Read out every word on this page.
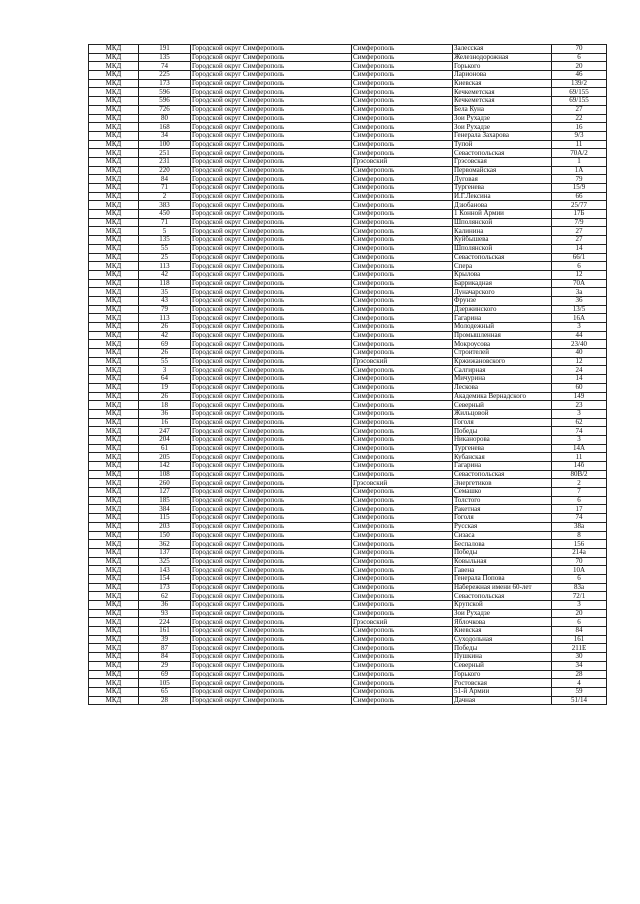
МКД	191	Городской округ Симферополь	Симферополь	Залесская	70
МКД	135	Городской округ Симферополь	Симферополь	Железнодорожная	6
МКД	74	Городской округ Симферополь	Симферополь	Горького	20
МКД	225	Городской округ Симферополь	Симферополь	Ларионова	46
МКД	173	Городской округ Симферополь	Симферополь	Киевская	139/2
МКД	596	Городской округ Симферополь	Симферополь	Кечкеметская	69/155
МКД	596	Городской округ Симферополь	Симферополь	Кечкеметская	69/155
МКД	726	Городской округ Симферополь	Симферополь	Бела Куна	27
МКД	80	Городской округ Симферополь	Симферополь	Зои Рухадзе	22
МКД	168	Городской округ Симферополь	Симферополь	Зои Рухадзе	16
МКД	34	Городской округ Симферополь	Симферополь	Генерала Захарова	9/3
МКД	100	Городской округ Симферополь	Симферополь	Тупой	11
МКД	251	Городской округ Симферополь	Симферополь	Севастопольская	70А/2
МКД	231	Городской округ Симферополь	Грэсовский	Грэсовская	1
МКД	220	Городской округ Симферополь	Симферополь	Первомайская	1А
МКД	84	Городской округ Симферополь	Симферополь	Луговая	79
МКД	71	Городской округ Симферополь	Симферополь	Тургенева	15/9
МКД	2	Городской округ Симферополь	Симферополь	И.Г.Лексина	66
МКД	383	Городской округ Симферополь	Симферополь	Дзюбанова	25/77
МКД	450	Городской округ Симферополь	Симферополь	1 Конной Армии	17Б
МКД	71	Городской округ Симферополь	Симферополь	Шполянской	7/9
МКД	5	Городской округ Симферополь	Симферополь	Калинина	27
МКД	135	Городской округ Симферополь	Симферополь	Куйбышева	27
МКД	55	Городской округ Симферополь	Симферополь	Шполянской	14
МКД	25	Городской округ Симферополь	Симферополь	Севастопольская	66/1
МКД	113	Городской округ Симферополь	Симферополь	Спера	6
МКД	42	Городской округ Симферополь	Симферополь	Крылова	12
МКД	118	Городской округ Симферополь	Симферополь	Баррикадная	70А
МКД	35	Городской округ Симферополь	Симферополь	Луначарского	3а
МКД	43	Городской округ Симферополь	Симферополь	Фрунзе	36
МКД	79	Городской округ Симферополь	Симферополь	Дзержинского	13/5
МКД	113	Городской округ Симферополь	Симферополь	Гагарина	16А
МКД	26	Городской округ Симферополь	Симферополь	Молодежный	3
МКД	42	Городской округ Симферополь	Симферополь	Промышленная	44
МКД	69	Городской округ Симферополь	Симферополь	Мокроусова	23/40
МКД	26	Городской округ Симферополь	Симферополь	Строителей	40
МКД	55	Городской округ Симферополь	Грэсовский	Кржижановского	12
МКД	3	Городской округ Симферополь	Симферополь	Салгирная	24
МКД	64	Городской округ Симферополь	Симферополь	Мичурина	14
МКД	19	Городской округ Симферополь	Симферополь	Лескова	60
МКД	26	Городской округ Симферополь	Симферополь	Академика Вернадского	149
МКД	18	Городской округ Симферополь	Симферополь	Северный	23
МКД	36	Городской округ Симферополь	Симферополь	Жильцовой	3
МКД	16	Городской округ Симферополь	Симферополь	Гоголя	62
МКД	247	Городской округ Симферополь	Симферополь	Победы	74
МКД	204	Городской округ Симферополь	Симферополь	Никанорова	3
МКД	61	Городской округ Симферополь	Симферополь	Тургенева	14А
МКД	205	Городской округ Симферополь	Симферополь	Кубанская	11
МКД	142	Городской округ Симферополь	Симферополь	Гагарина	14б
МКД	108	Городской округ Симферополь	Симферополь	Севастопольская	80В/2
МКД	260	Городской округ Симферополь	Грэсовский	Энергетиков	2
МКД	127	Городской округ Симферополь	Симферополь	Семашко	7
МКД	185	Городской округ Симферополь	Симферополь	Толстого	6
МКД	384	Городской округ Симферополь	Симферополь	Ракетная	17
МКД	115	Городской округ Симферополь	Симферополь	Гоголя	74
МКД	203	Городской округ Симферополь	Симферополь	Русская	38а
МКД	150	Городской округ Симферополь	Симферополь	Сизаса	8
МКД	362	Городской округ Симферополь	Симферополь	Беспалова	156
МКД	137	Городской округ Симферополь	Симферополь	Победы	214а
МКД	325	Городской округ Симферополь	Симферополь	Ковыльная	70
МКД	143	Городской округ Симферополь	Симферополь	Гавена	10А
МКД	154	Городской округ Симферополь	Симферополь	Генерала Попова	6
МКД	173	Городской округ Симферополь	Симферополь	Набережная имени 60-лет	83а
МКД	62	Городской округ Симферополь	Симферополь	Севастопольская	72/1
МКД	36	Городской округ Симферополь	Симферополь	Крупской	3
МКД	93	Городской округ Симферополь	Симферополь	Зои Рухадзе	20
МКД	224	Городской округ Симферополь	Грэсовский	Яблочкова	6
МКД	161	Городской округ Симферополь	Симферополь	Киевская	84
МКД	39	Городской округ Симферополь	Симферополь	Суходольная	161
МКД	87	Городской округ Симферополь	Симферополь	Победы	211Е
МКД	84	Городской округ Симферополь	Симферополь	Пушкина	30
МКД	29	Городской округ Симферополь	Симферополь	Северный	34
МКД	69	Городской округ Симферополь	Симферополь	Горького	28
МКД	105	Городской округ Симферополь	Симферополь	Ростовская	4
МКД	65	Городской округ Симферополь	Симферополь	51-й Армии	59
МКД	28	Городской округ Симферополь	Симферополь	Дачная	51/14
